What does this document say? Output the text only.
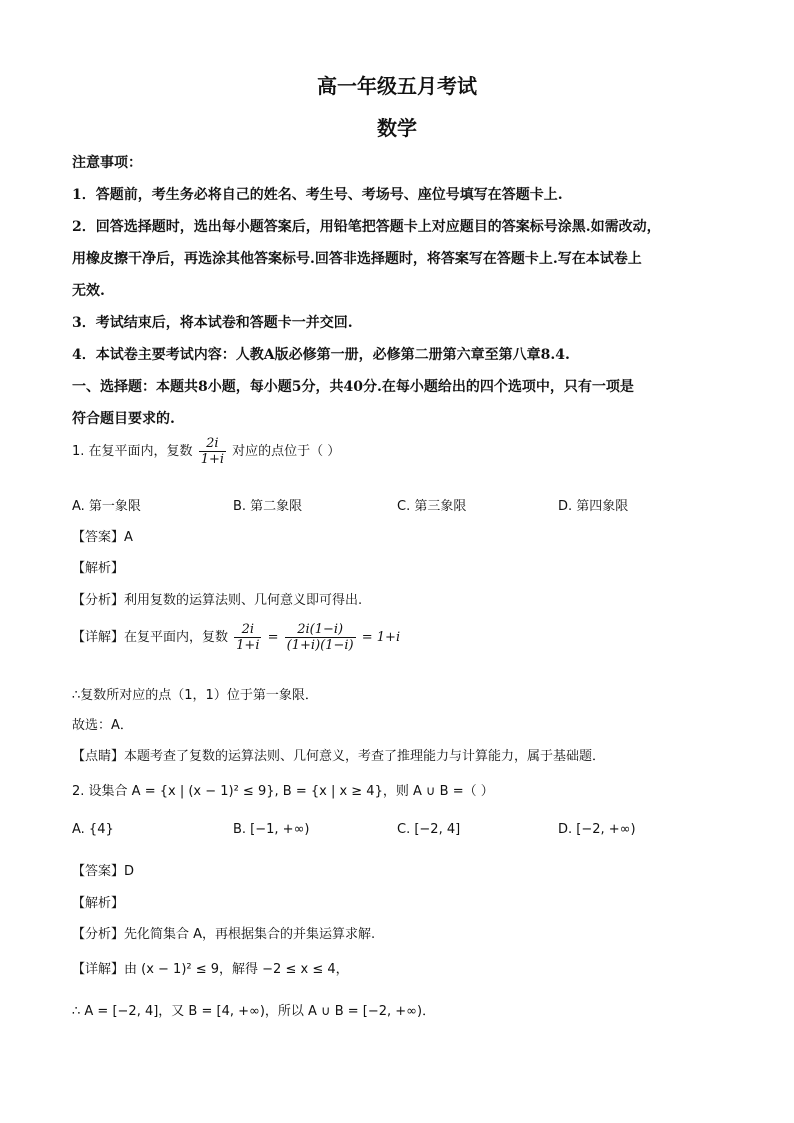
高一年级五月考试
数学
注意事项：
1．答题前，考生务必将自己的姓名、考生号、考场号、座位号填写在答题卡上.
2．回答选择题时，选出每小题答案后，用铅笔把答题卡上对应题目的答案标号涂黑.如需改动，
用橡皮擦干净后，再选涂其他答案标号.回答非选择题时，将答案写在答题卡上.写在本试卷上
无效.
3．考试结束后，将本试卷和答题卡一并交回.
4．本试卷主要考试内容：人教A版必修第一册，必修第二册第六章至第八章8.4.
一、选择题：本题共8小题，每小题5分，共40分.在每小题给出的四个选项中，只有一项是
符合题目要求的.
1. 在复平面内，复数 $\frac{2i}{1+i}$ 对应的点位于（ ）
A. 第一象限	B. 第二象限	C. 第三象限	D. 第四象限
【答案】A
【解析】
【分析】利用复数的运算法则、几何意义即可得出.
【详解】在复平面内，复数 $\frac{2i}{1+i} = \frac{2i(1-i)}{(1+i)(1-i)} = 1+i$
∴复数所对应的点（1，1）位于第一象限．
故选：A．
【点睛】本题考查了复数的运算法则、几何意义，考查了推理能力与计算能力，属于基础题．
2. 设集合 A = {x | (x − 1)² ≤ 9}, B = {x | x ≥ 4}，则 A ∪ B =（ ）
A. {4}	B. [−1, +∞)	C. [−2, 4]	D. [−2, +∞)
【答案】D
【解析】
【分析】先化简集合 A，再根据集合的并集运算求解.
【详解】由 (x − 1)² ≤ 9，解得 −2 ≤ x ≤ 4，
∴ A = [−2, 4]，又 B = [4, +∞)，所以 A ∪ B = [−2, +∞)．
